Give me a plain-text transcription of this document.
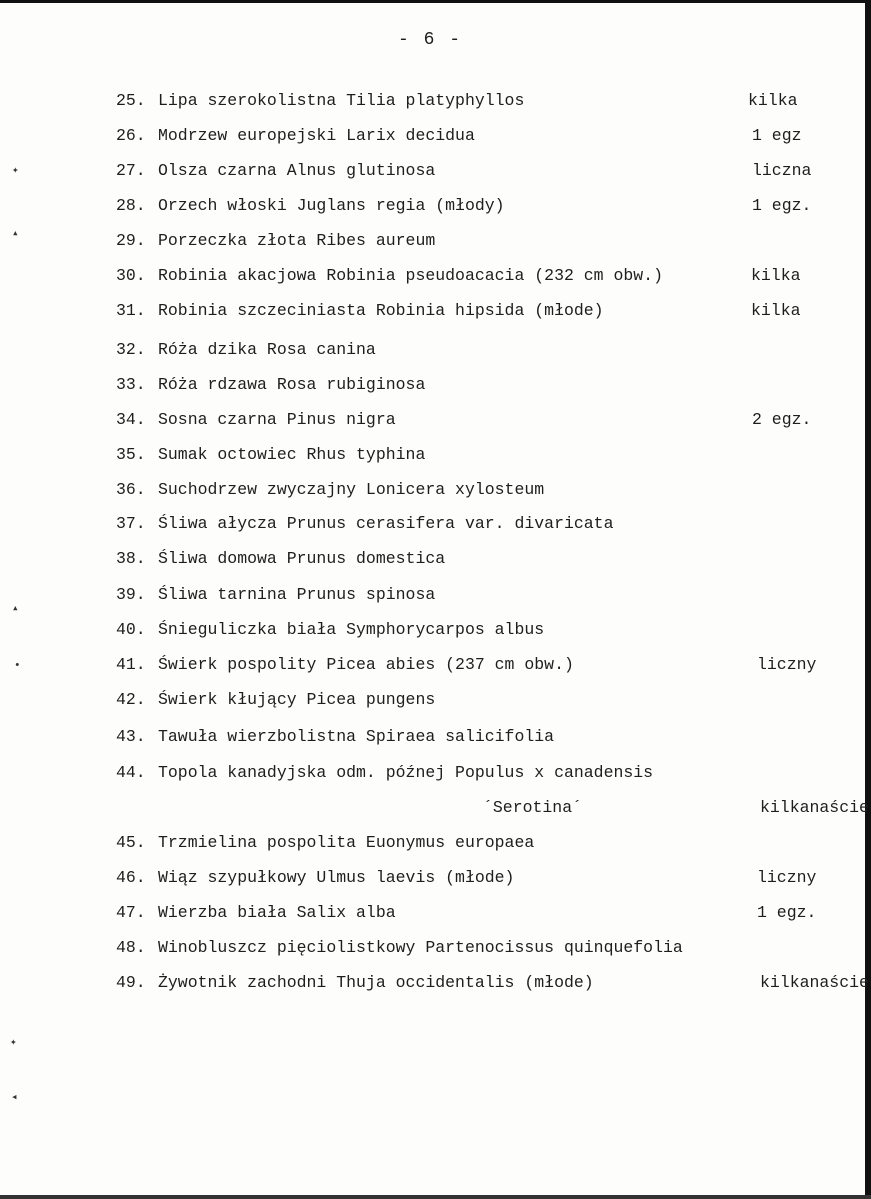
- 6 -
25. Lipa szerokolistna Tilia platyphyllos	kilka
26. Modrzew europejski Larix decidua	1 egz
27. Olsza czarna Alnus glutinosa	liczna
28. Orzech włoski Juglans regia (młody)	1 egz.
29. Porzeczka złota Ribes aureum
30. Robinia akacjowa Robinia pseudoacacia (232 cm obw.)	kilka
31. Robinia szczeciniasta Robinia hipsida (młode)	kilka
32. Róża dzika Rosa canina
33. Róża rdzawa Rosa rubiginosa
34. Sosna czarna Pinus nigra	2 egz.
35. Sumak octowiec Rhus typhina
36. Suchodrzew zwyczajny Lonicera xylosteum
37. Śliwa ałycza Prunus cerasifera var. divaricata
38. Śliwa domowa Prunus domestica
39. Śliwa tarnina Prunus spinosa
40. Śnieguliczka biała Symphorycarpos albus
41. Świerk pospolity Picea abies (237 cm obw.)	liczny
42. Świerk kłujący Picea pungens
43. Tawuła wierzbolistna Spiraea salicifolia
44. Topola kanadyjska odm. późnej Populus x canadensis
45. Trzmielina pospolita Euonymus europaea
46. Wiąz szypułkowy Ulmus laevis (młode)	liczny
47. Wierzba biała Salix alba	1 egz.
48. Winobluszcz pięciolistkowy Partenocissus quinquefolia
49. Żywotnik zachodni Thuja occidentalis (młode)	kilkanaście
´Serotina´	kilkanaście
✦
▴
▴
•
✦
◂
